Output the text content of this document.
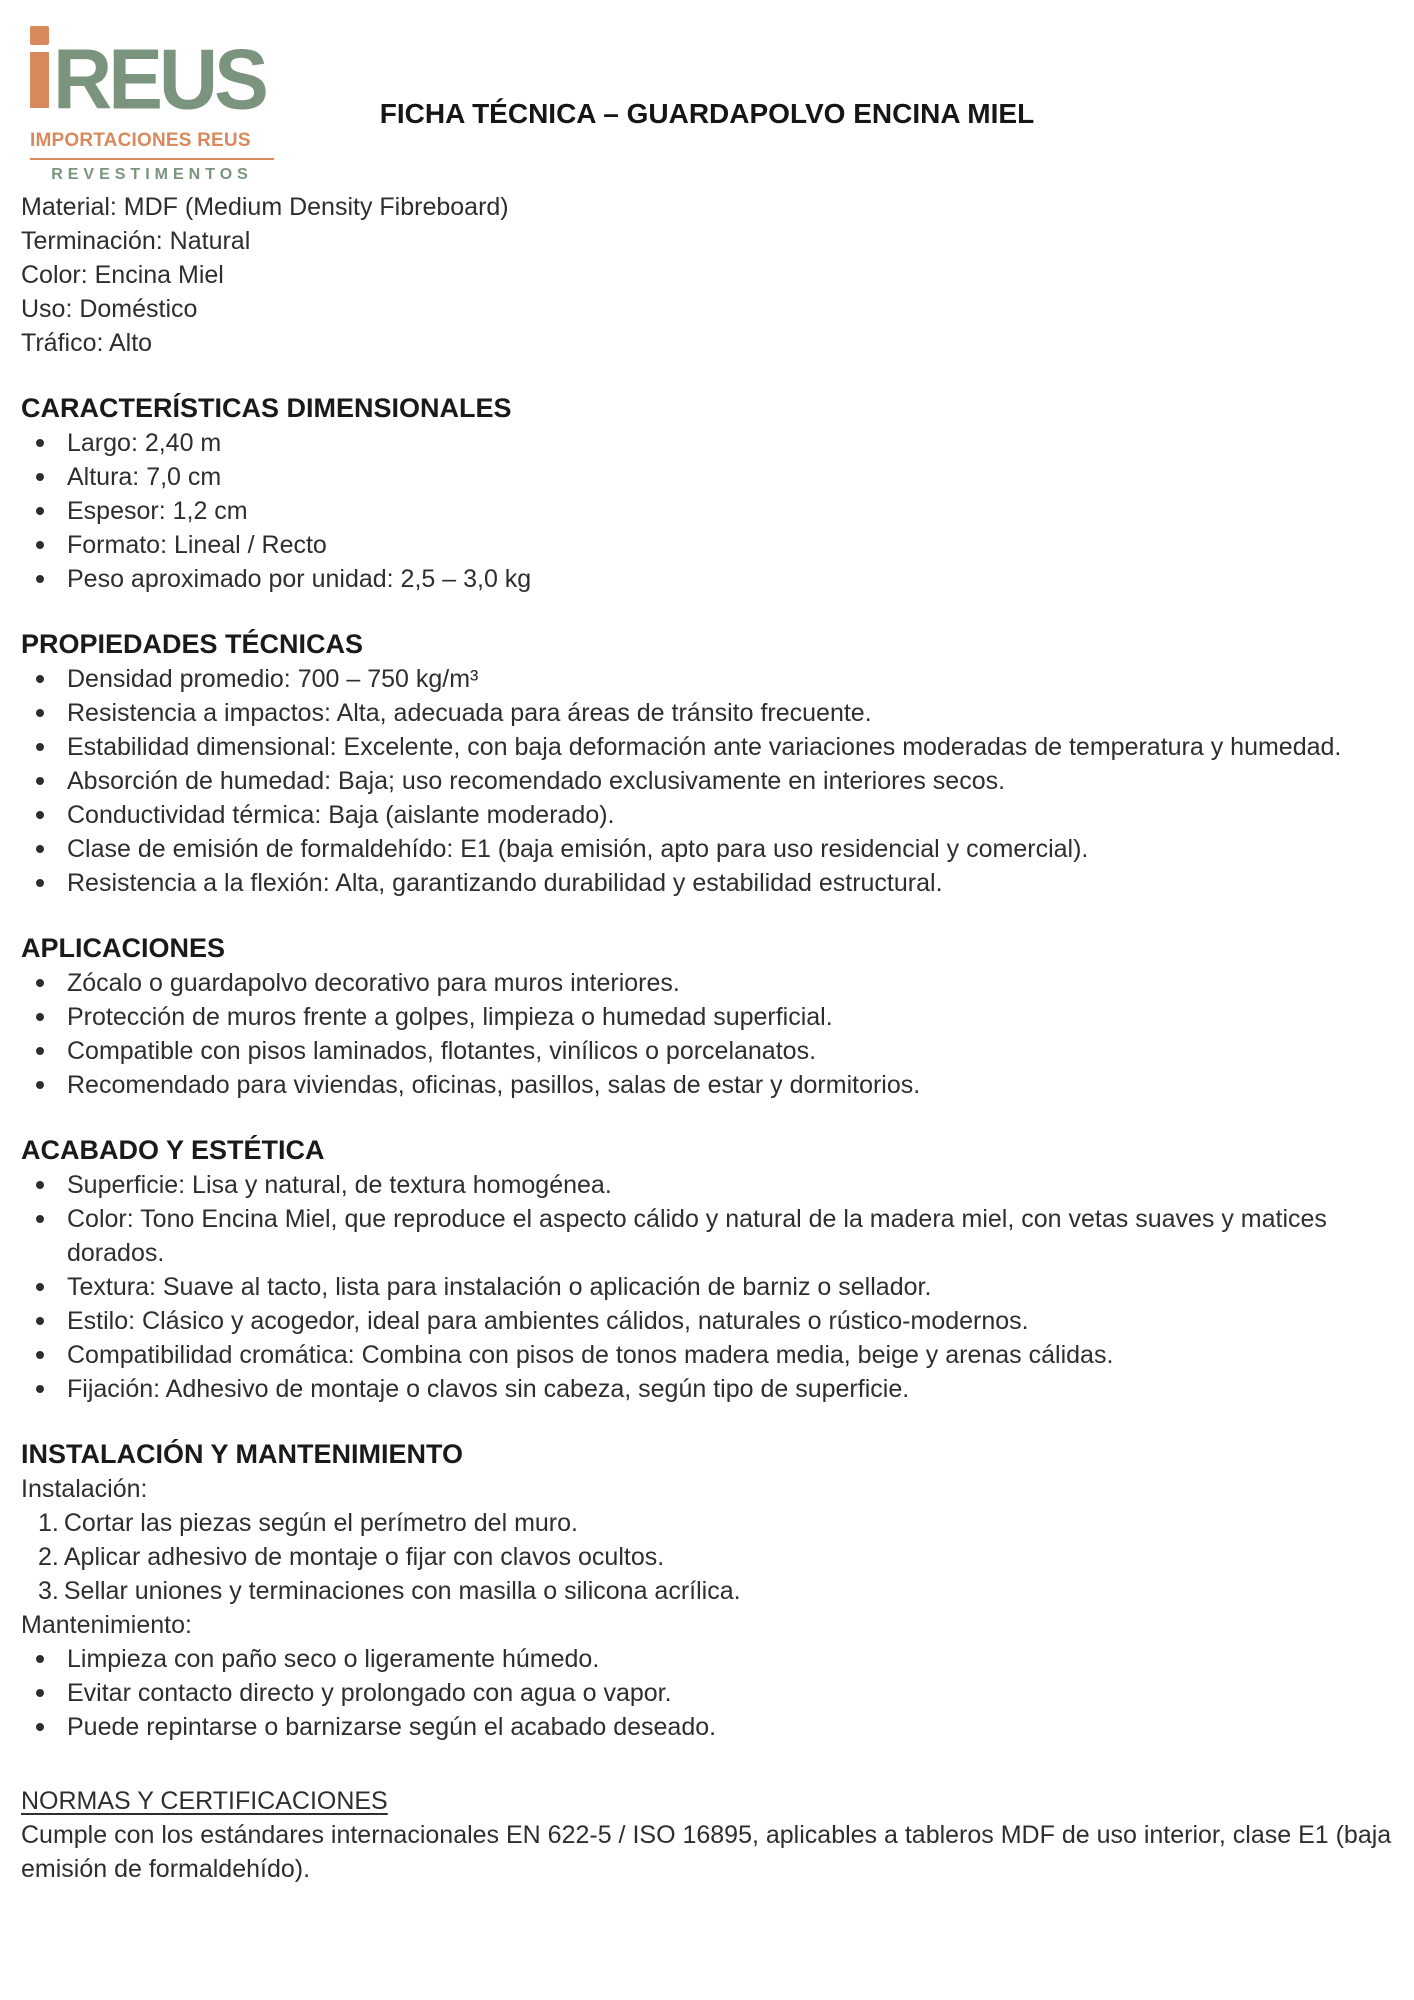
REUS
IMPORTACIONES REUS
REVESTIMENTOS
FICHA TÉCNICA – GUARDAPOLVO ENCINA MIEL

Material: MDF (Medium Density Fibreboard)

Terminación: Natural

Color: Encina Miel

Uso: Doméstico

Tráfico: Alto

CARACTERÍSTICAS DIMENSIONALES
Largo: 2,40 m
Altura: 7,0 cm
Espesor: 1,2 cm
Formato: Lineal / Recto
Peso aproximado por unidad: 2,5 – 3,0 kg
PROPIEDADES TÉCNICAS
Densidad promedio: 700 – 750 kg/m³
Resistencia a impactos: Alta, adecuada para áreas de tránsito frecuente.
Estabilidad dimensional: Excelente, con baja deformación ante variaciones moderadas de temperatura y humedad.
Absorción de humedad: Baja; uso recomendado exclusivamente en interiores secos.
Conductividad térmica: Baja (aislante moderado).
Clase de emisión de formaldehído: E1 (baja emisión, apto para uso residencial y comercial).
Resistencia a la flexión: Alta, garantizando durabilidad y estabilidad estructural.
APLICACIONES
Zócalo o guardapolvo decorativo para muros interiores.
Protección de muros frente a golpes, limpieza o humedad superficial.
Compatible con pisos laminados, flotantes, vinílicos o porcelanatos.
Recomendado para viviendas, oficinas, pasillos, salas de estar y dormitorios.
ACABADO Y ESTÉTICA
Superficie: Lisa y natural, de textura homogénea.
Color: Tono Encina Miel, que reproduce el aspecto cálido y natural de la madera miel, con vetas suaves y matices dorados.
Textura: Suave al tacto, lista para instalación o aplicación de barniz o sellador.
Estilo: Clásico y acogedor, ideal para ambientes cálidos, naturales o rústico-modernos.
Compatibilidad cromática: Combina con pisos de tonos madera media, beige y arenas cálidas.
Fijación: Adhesivo de montaje o clavos sin cabeza, según tipo de superficie.
INSTALACIÓN Y MANTENIMIENTO

Instalación:

1. Cortar las piezas según el perímetro del muro.
2. Aplicar adhesivo de montaje o fijar con clavos ocultos.
3. Sellar uniones y terminaciones con masilla o silicona acrílica.

Mantenimiento:

Limpieza con paño seco o ligeramente húmedo.
Evitar contacto directo y prolongado con agua o vapor.
Puede repintarse o barnizarse según el acabado deseado.
NORMAS Y CERTIFICACIONES

Cumple con los estándares internacionales EN 622-5 / ISO 16895, aplicables a tableros MDF de uso interior, clase E1 (baja emisión de formaldehído).
